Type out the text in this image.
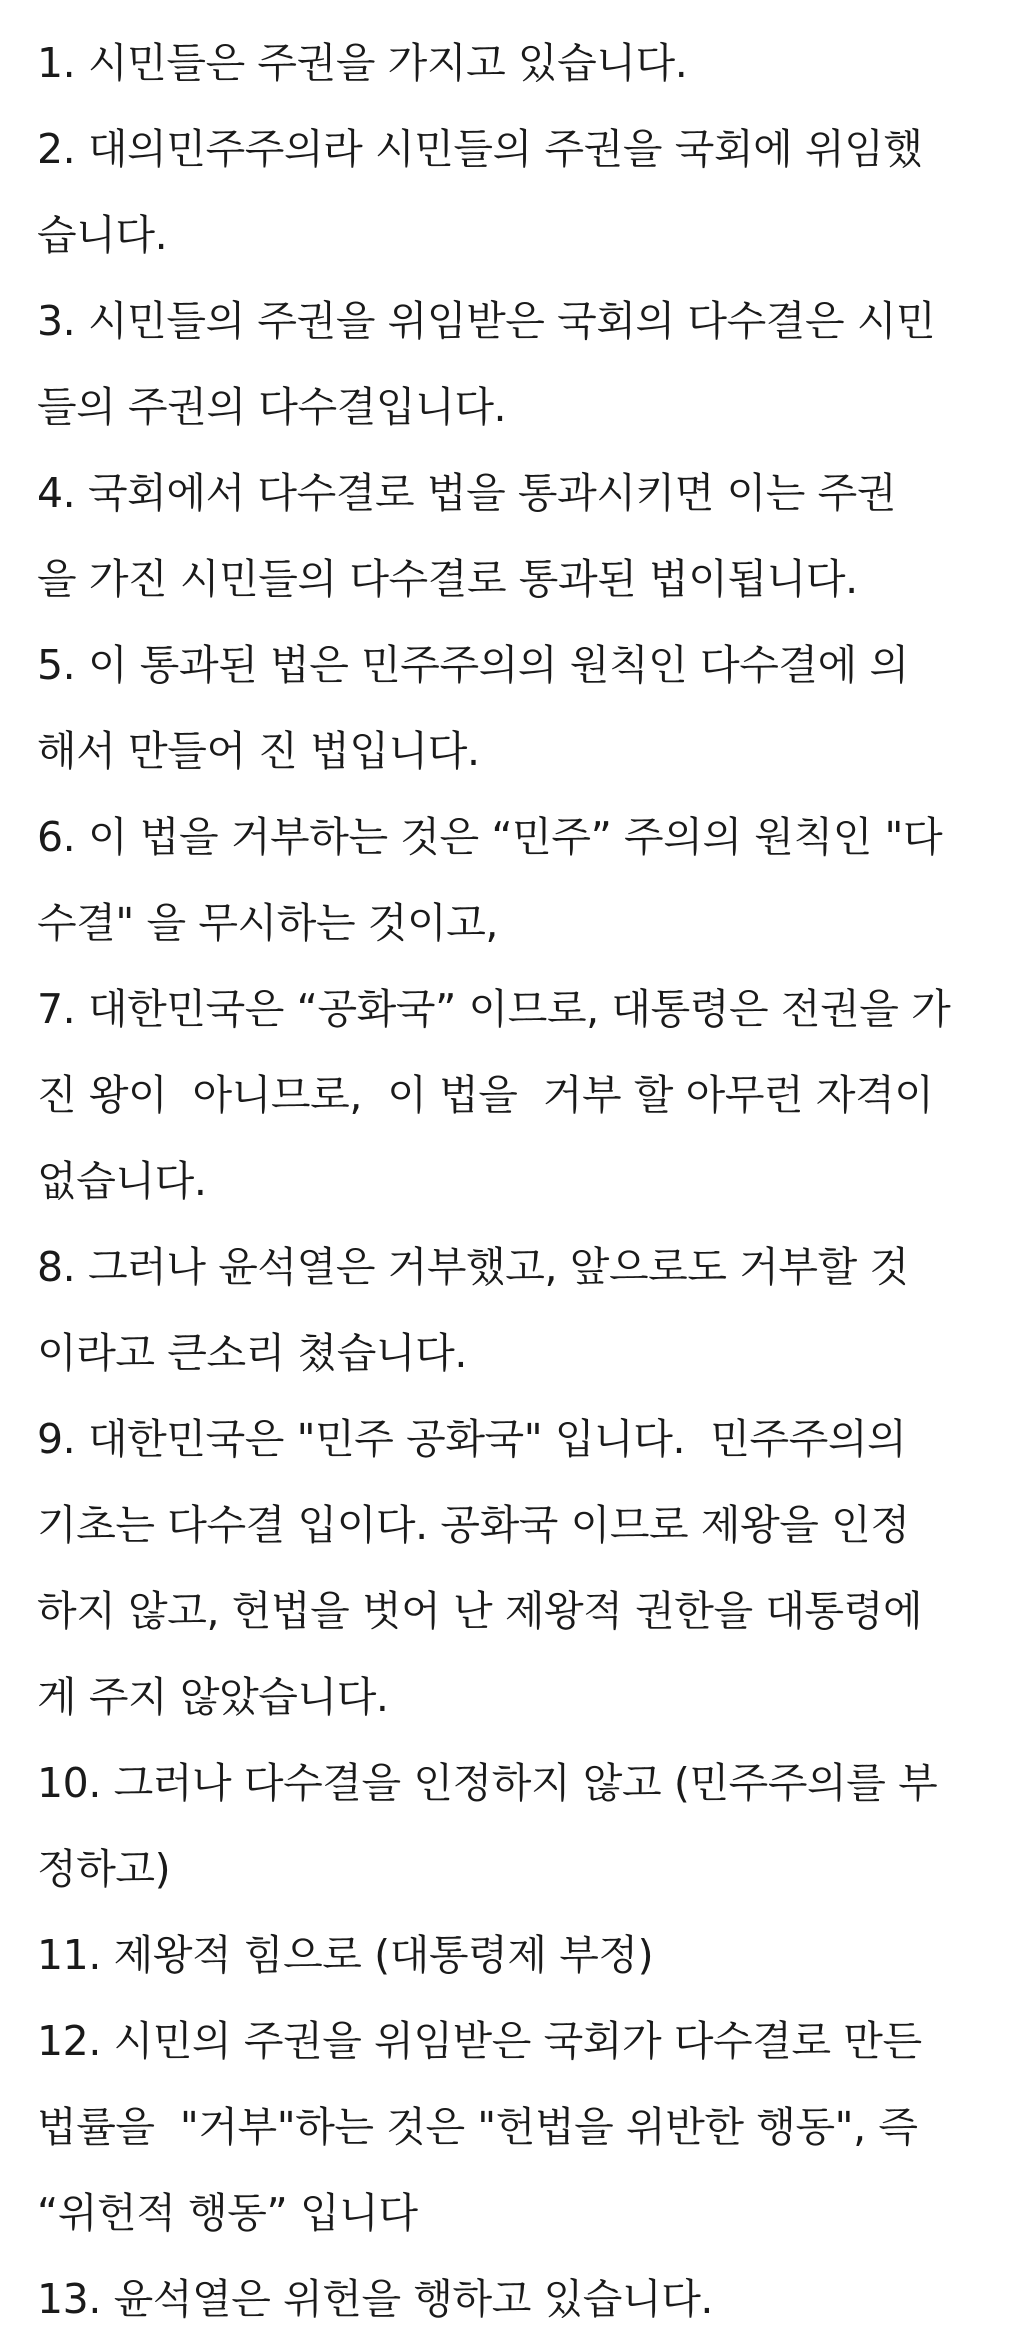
1. 시민들은 주권을 가지고 있습니다.
2. 대의민주주의라 시민들의 주권을 국회에 위임했
습니다.
3. 시민들의 주권을 위임받은 국회의 다수결은 시민
들의 주권의 다수결입니다.
4. 국회에서 다수결로 법을 통과시키면 이는 주권
을 가진 시민들의 다수결로 통과된 법이됩니다.
5. 이 통과된 법은 민주주의의 원칙인 다수결에 의
해서 만들어 진 법입니다.
6. 이 법을 거부하는 것은 “민주” 주의의 원칙인 "다
수결" 을 무시하는 것이고,
7. 대한민국은 “공화국” 이므로, 대통령은 전권을 가
진 왕이  아니므로,  이 법을  거부 할 아무런 자격이
없습니다.
8. 그러나 윤석열은 거부했고, 앞으로도 거부할 것
이라고 큰소리 쳤습니다.
9. 대한민국은 "민주 공화국" 입니다.  민주주의의
기초는 다수결 입이다. 공화국 이므로 제왕을 인정
하지 않고, 헌법을 벗어 난 제왕적 권한을 대통령에
게 주지 않았습니다.
10. 그러나 다수결을 인정하지 않고 (민주주의를 부
정하고)
11. 제왕적 힘으로 (대통령제 부정)
12. 시민의 주권을 위임받은 국회가 다수결로 만든
법률을  "거부"하는 것은 "헌법을 위반한 행동", 즉
“위헌적 행동” 입니다
13. 윤석열은 위헌을 행하고 있습니다.
